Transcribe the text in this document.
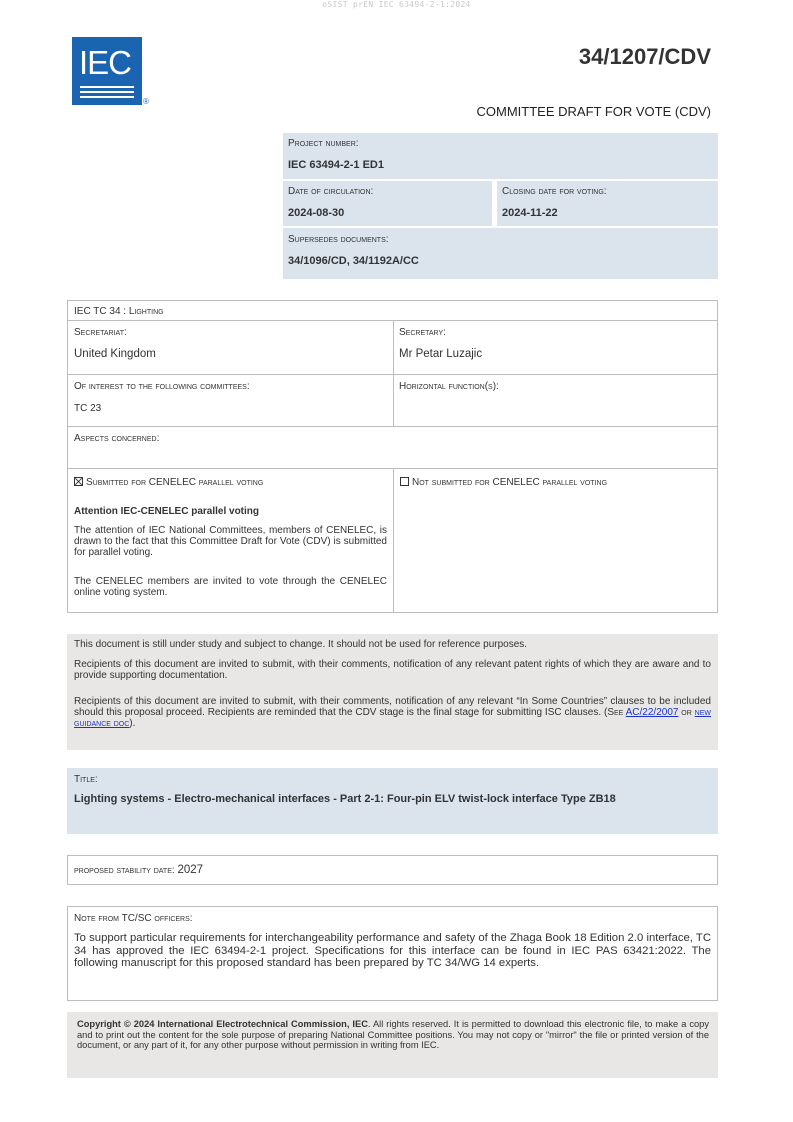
oSIST prEN IEC 63494-2-1:2024
IEC
®
34/1207/CDV
COMMITTEE DRAFT FOR VOTE (CDV)
Project number:
IEC 63494-2-1 ED1
Date of circulation:
2024-08-30
Closing date for voting:
2024-11-22
Supersedes documents:
34/1096/CD, 34/1192A/CC
IEC TC 34 : Lighting
Secretariat:
United Kingdom
Secretary:
Mr Petar Luzajic
Of interest to the following committees:
TC 23
Horizontal function(s):
Aspects concerned:
Submitted for CENELEC parallel voting
Attention IEC-CENELEC parallel voting
The attention of IEC National Committees, members of CENELEC, is drawn to the fact that this Committee Draft for Vote (CDV) is submitted for parallel voting.
The CENELEC members are invited to vote through the CENELEC online voting system.
Not submitted for CENELEC parallel voting
This document is still under study and subject to change. It should not be used for reference purposes.
Recipients of this document are invited to submit, with their comments, notification of any relevant patent rights of which they are aware and to provide supporting documentation.
Recipients of this document are invited to submit, with their comments, notification of any relevant “In Some Countries” clauses to be included should this proposal proceed. Recipients are reminded that the CDV stage is the final stage for submitting ISC clauses. (See AC/22/2007 or new guidance doc).
Title:
Lighting systems - Electro-mechanical interfaces - Part 2-1: Four-pin ELV twist-lock interface Type ZB18
proposed stability date: 2027
Note from TC/SC officers:
To support particular requirements for interchangeability performance and safety of the Zhaga Book 18 Edition 2.0 interface, TC 34 has approved the IEC 63494-2-1 project. Specifications for this interface can be found in IEC PAS 63421:2022. The following manuscript for this proposed standard has been prepared by TC 34/WG 14 experts.
Copyright © 2024 International Electrotechnical Commission, IEC. All rights reserved. It is permitted to download this electronic file, to make a copy and to print out the content for the sole purpose of preparing National Committee positions. You may not copy or "mirror" the file or printed version of the document, or any part of it, for any other purpose without permission in writing from IEC.
